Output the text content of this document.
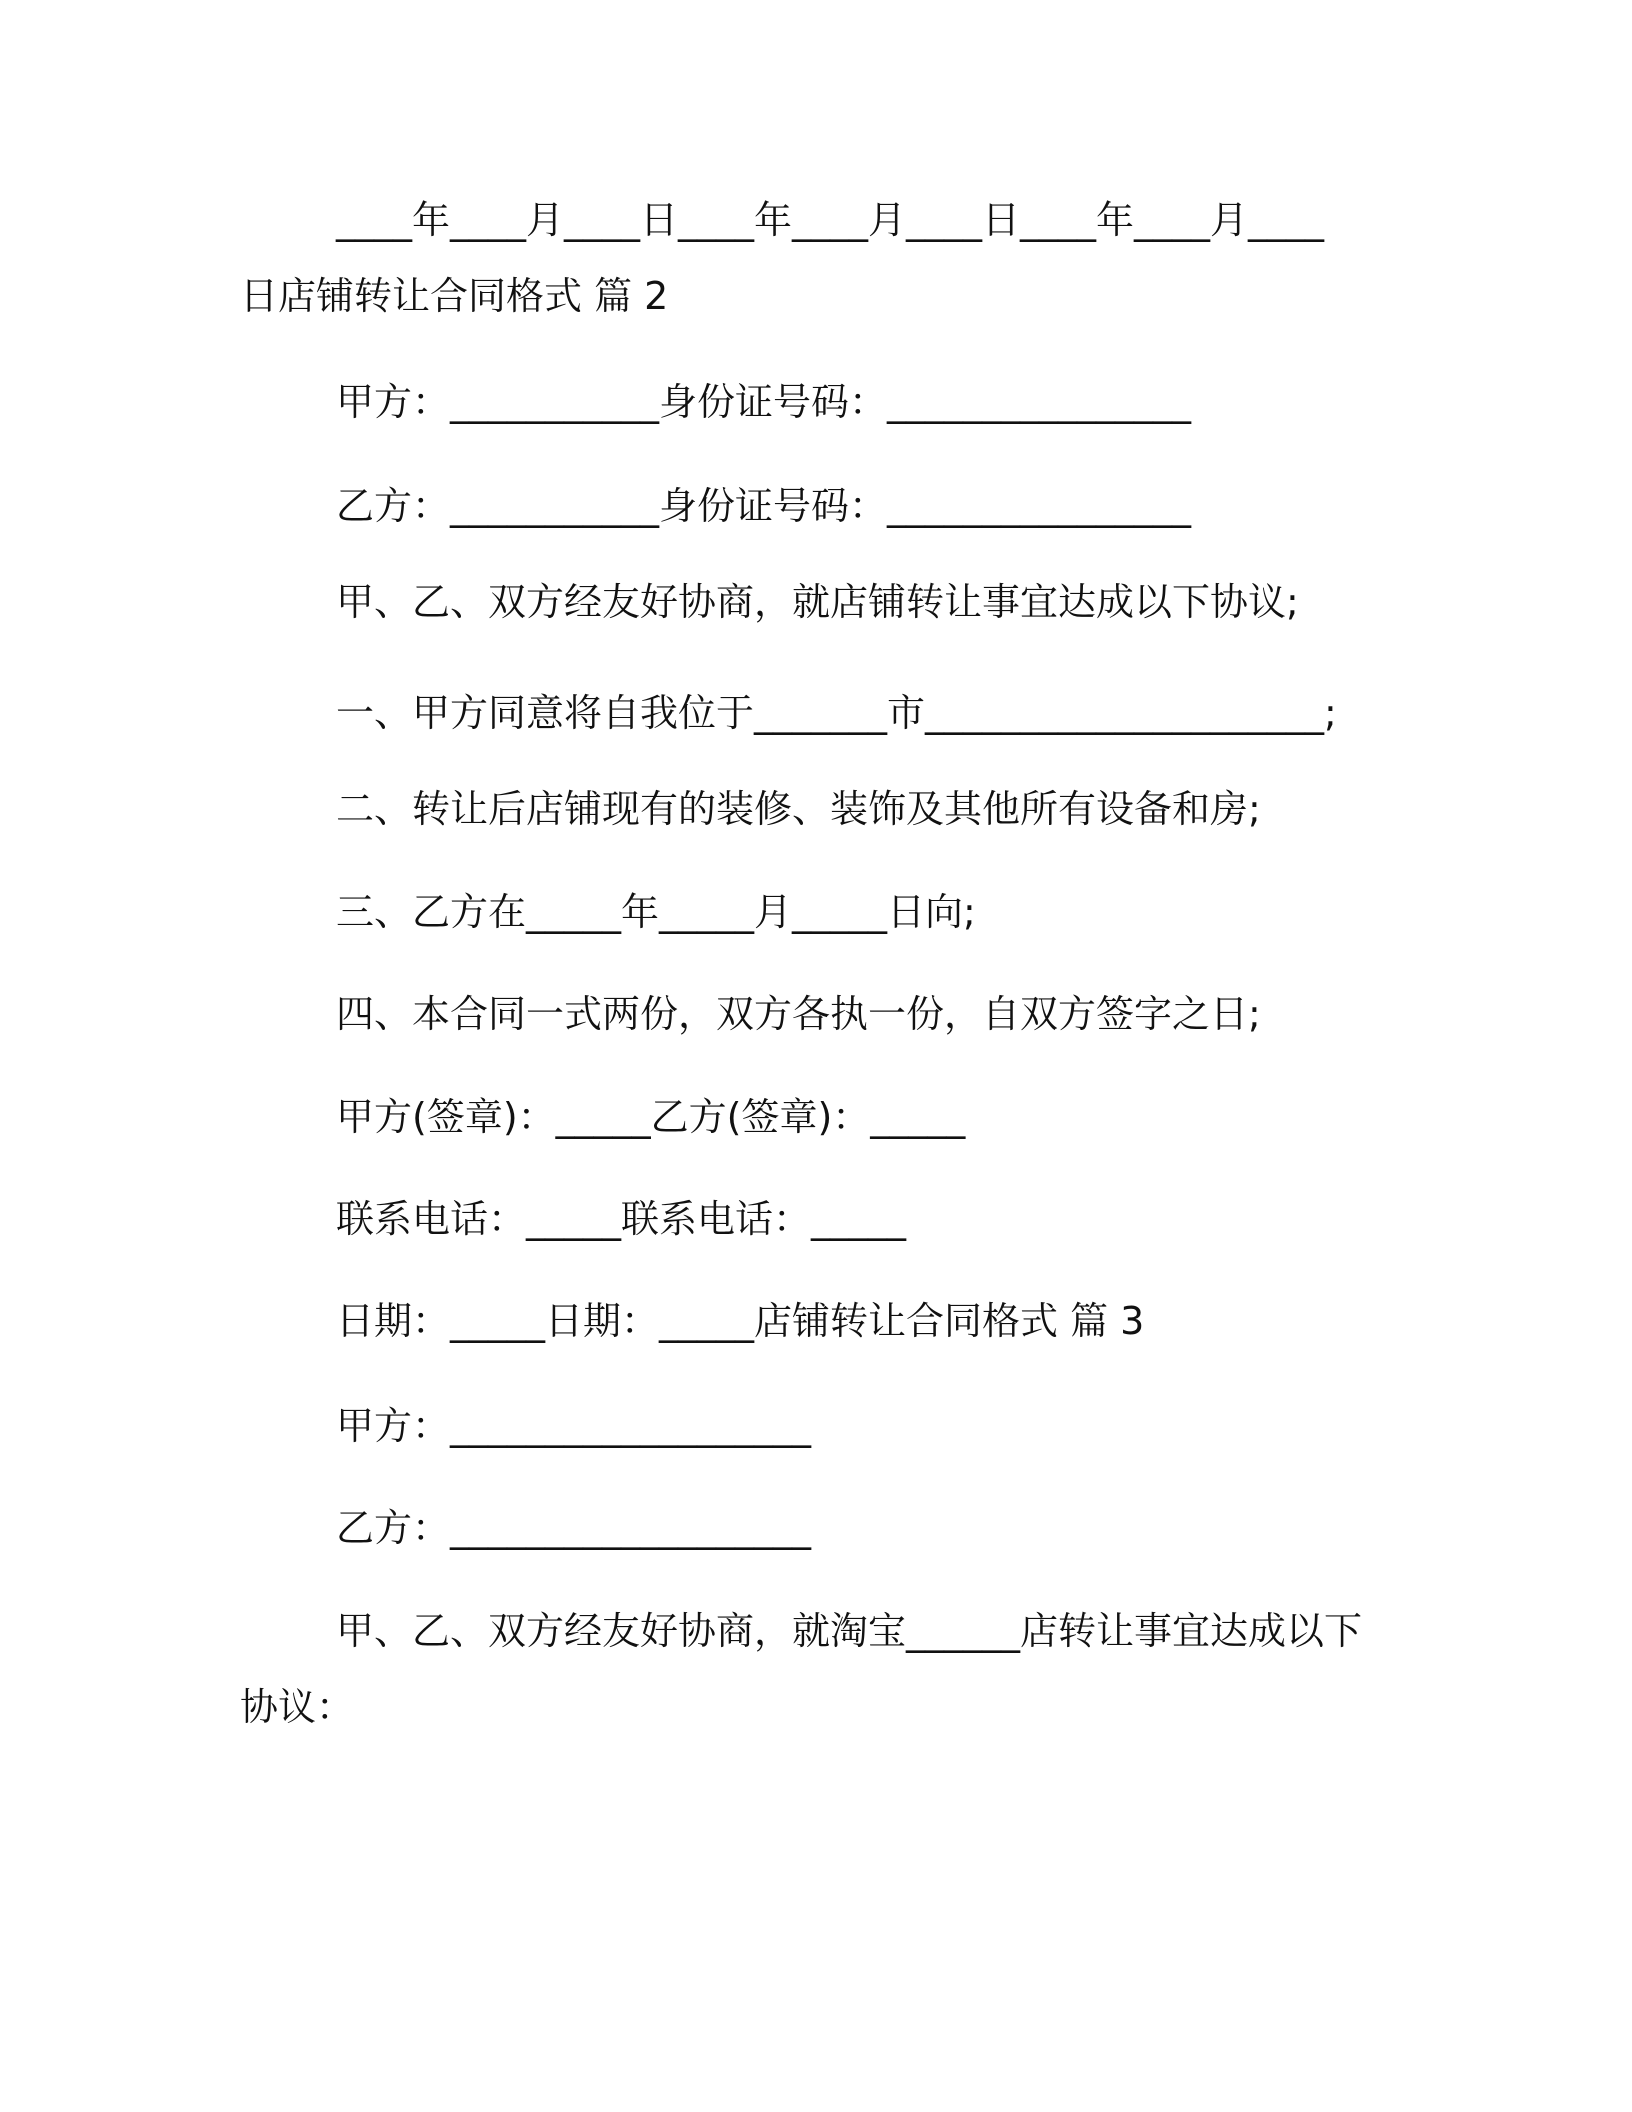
____年____月____日____年____月____日____年____月____
日店铺转让合同格式 篇 2
甲方：___________身份证号码：________________
乙方：___________身份证号码：________________
甲、乙、双方经友好协商，就店铺转让事宜达成以下协议;
一、甲方同意将自我位于_______市_____________________;
二、转让后店铺现有的装修、装饰及其他所有设备和房;
三、乙方在_____年_____月_____日向;
四、本合同一式两份，双方各执一份，自双方签字之日;
甲方(签章)：_____乙方(签章)：_____
联系电话：_____联系电话：_____
日期：_____日期：_____店铺转让合同格式 篇 3
甲方：___________________
乙方：___________________
甲、乙、双方经友好协商，就淘宝______店转让事宜达成以下
协议：
